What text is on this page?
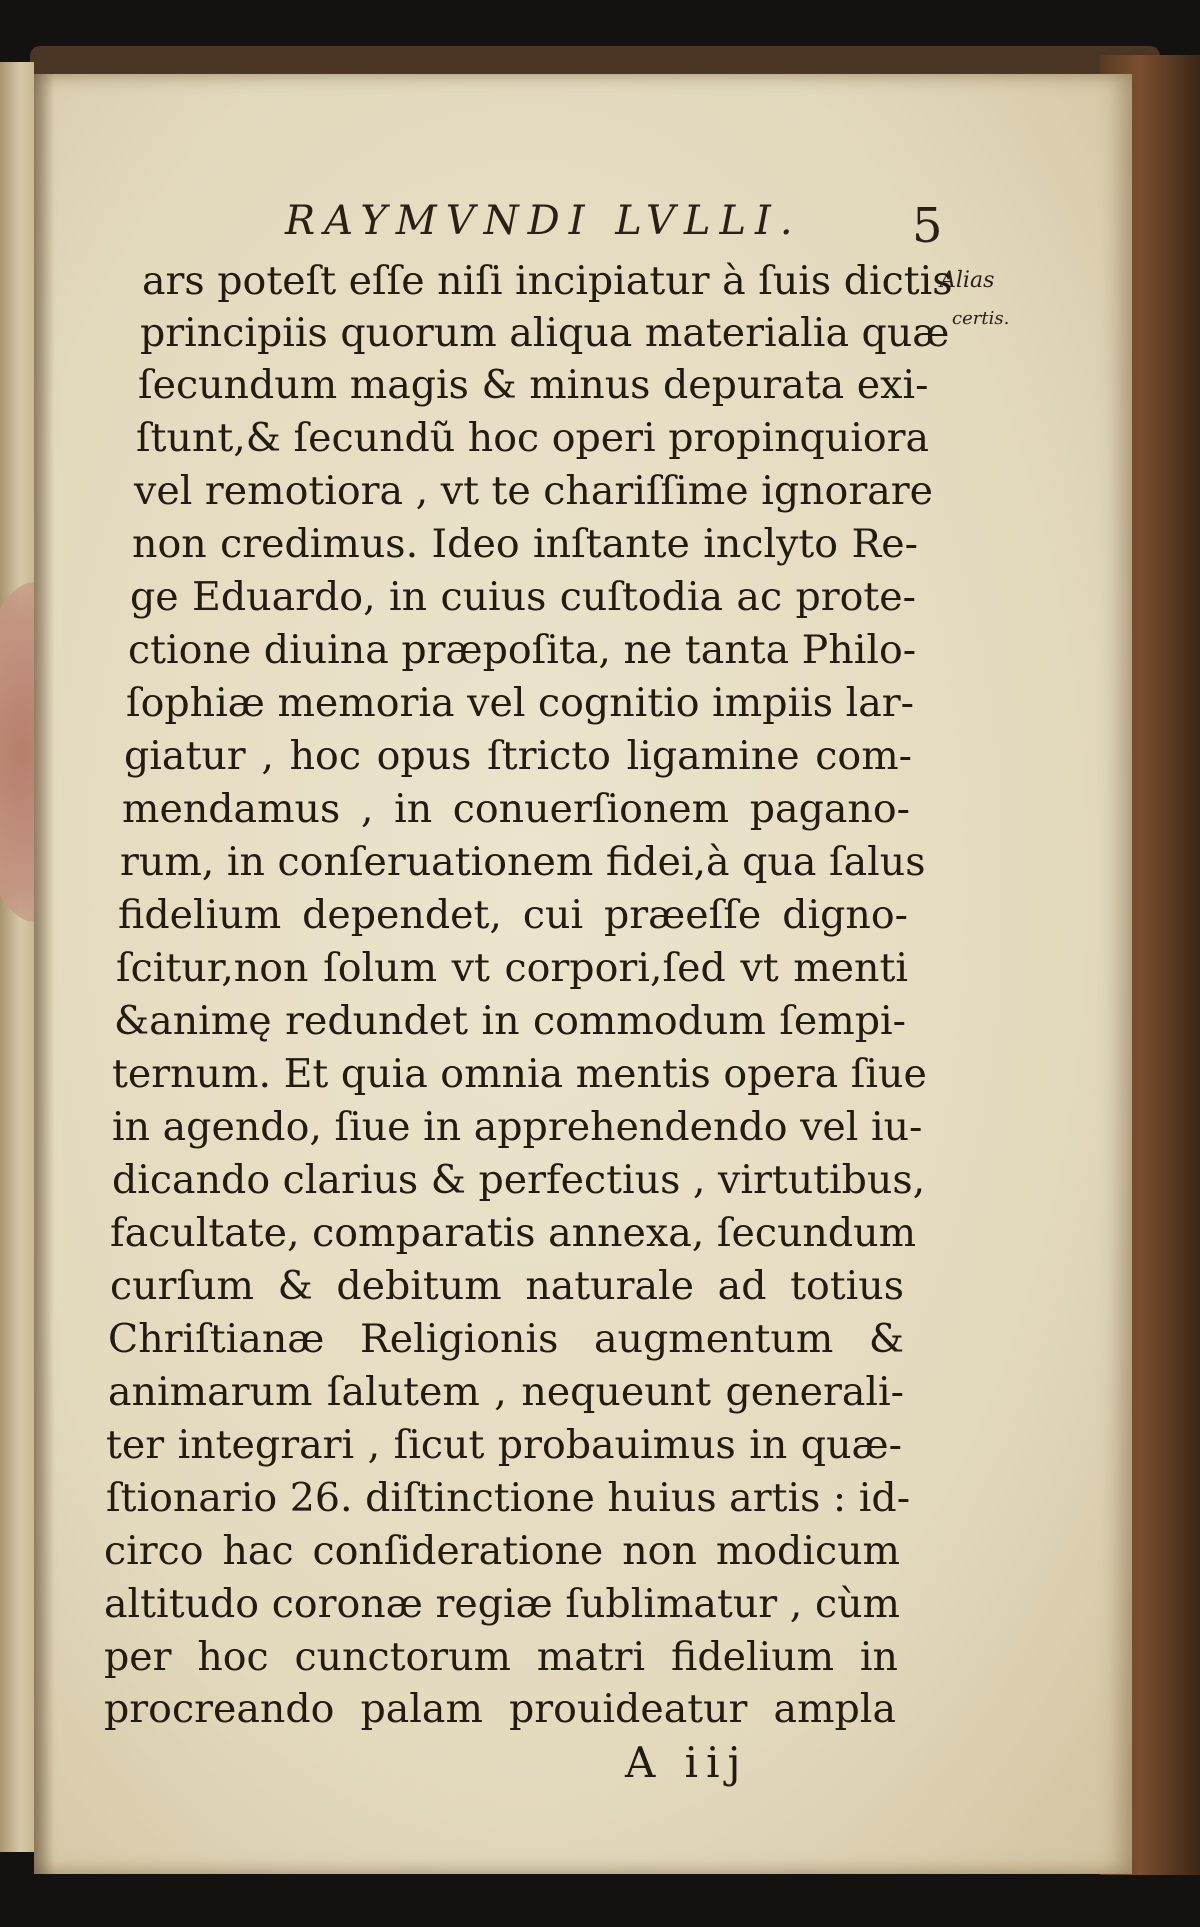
RAYMVNDI LVLLI. 5
Alias
certis.
ars poteſt eſſe niſi incipiatur à ſuis dictis
principiis quorum aliqua materialia quæ
ſecundum magis & minus depurata exi-
ſtunt,& ſecundũ hoc operi propinquiora
vel remotiora , vt te chariſſime ignorare
non credimus. Ideo inſtante inclyto Re-
ge Eduardo, in cuius cuſtodia ac prote-
ctione diuina præpoſita, ne tanta Philo-
ſophiæ memoria vel cognitio impiis lar-
giatur , hoc opus ſtricto ligamine com-
mendamus , in conuerſionem pagano-
rum, in conſeruationem fidei,à qua ſalus
fidelium dependet, cui præeſſe digno-
ſcitur,non ſolum vt corpori,ſed vt menti
&animę redundet in commodum ſempi-
ternum. Et quia omnia mentis opera ſiue
in agendo, ſiue in apprehendendo vel iu-
dicando clarius & perfectius , virtutibus,
facultate, comparatis annexa, ſecundum
curſum & debitum naturale ad totius
Chriſtianæ Religionis augmentum &
animarum ſalutem , nequeunt generali-
ter integrari , ſicut probauimus in quæ-
ſtionario 26. diſtinctione huius artis : id-
circo hac conſideratione non modicum
altitudo coronæ regiæ ſublimatur , cùm
per hoc cunctorum matri fidelium in
procreando palam prouideatur ampla
A iij
